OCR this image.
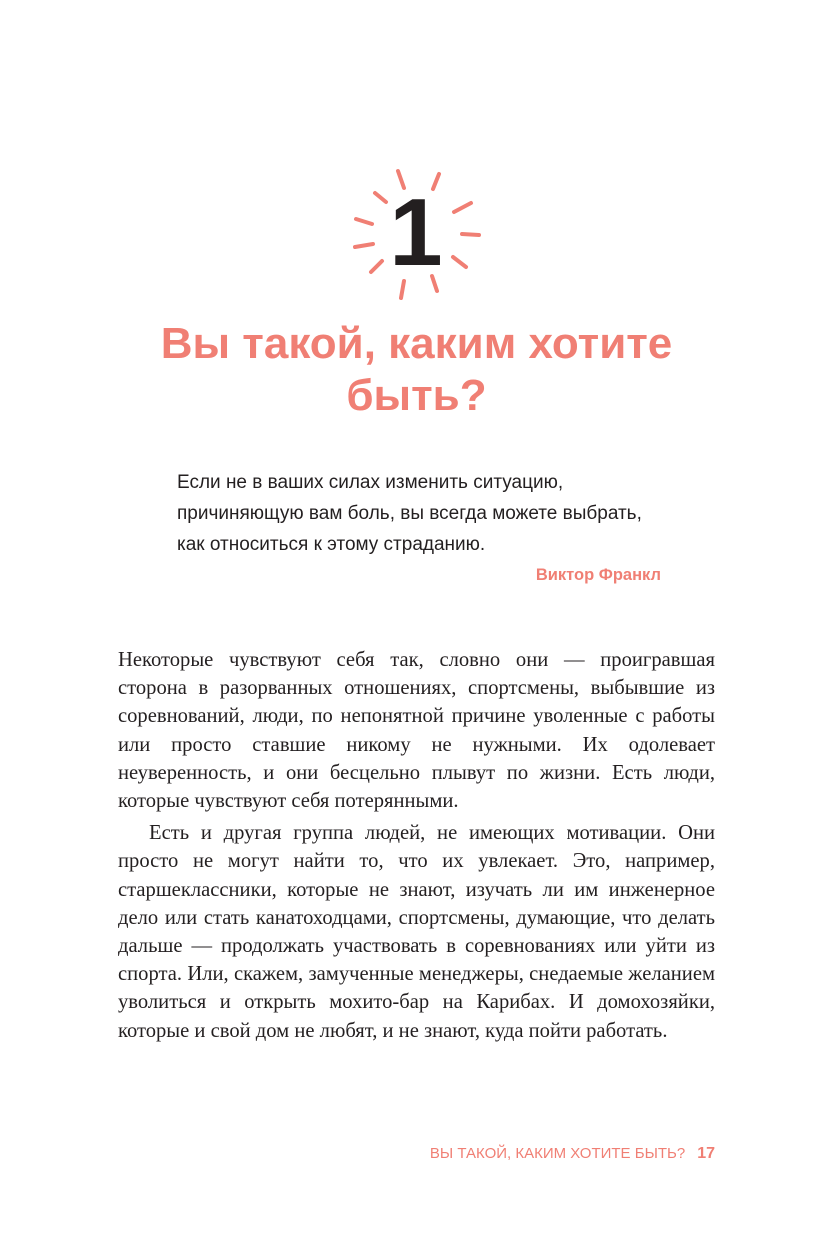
1
Вы такой, каким хотите быть?

Если не в ваших силах изменить ситуацию, причиняющую вам боль, вы всегда можете выбрать, как относиться к этому страданию.

Виктор Франкл

Некоторые чувствуют себя так, словно они — проигравшая сторона в разорванных отношениях, спортсмены, выбывшие из соревнований, люди, по непонятной причине уволенные с работы или просто ставшие никому не нужными. Их одолевает неуверенность, и они бесцельно плывут по жизни. Есть люди, которые чувствуют себя потерянными.

Есть и другая группа людей, не имеющих мотивации. Они просто не могут найти то, что их увлекает. Это, например, старшеклассники, которые не знают, изучать ли им инженерное дело или стать канатоходцами, спортсмены, думающие, что делать дальше — продолжать участвовать в соревнованиях или уйти из спорта. Или, скажем, замученные менеджеры, снедаемые желанием уволиться и открыть мохито-бар на Карибах. И домохозяйки, которые и свой дом не любят, и не знают, куда пойти работать.

ВЫ ТАКОЙ, КАКИМ ХОТИТЕ БЫТЬ? 17
